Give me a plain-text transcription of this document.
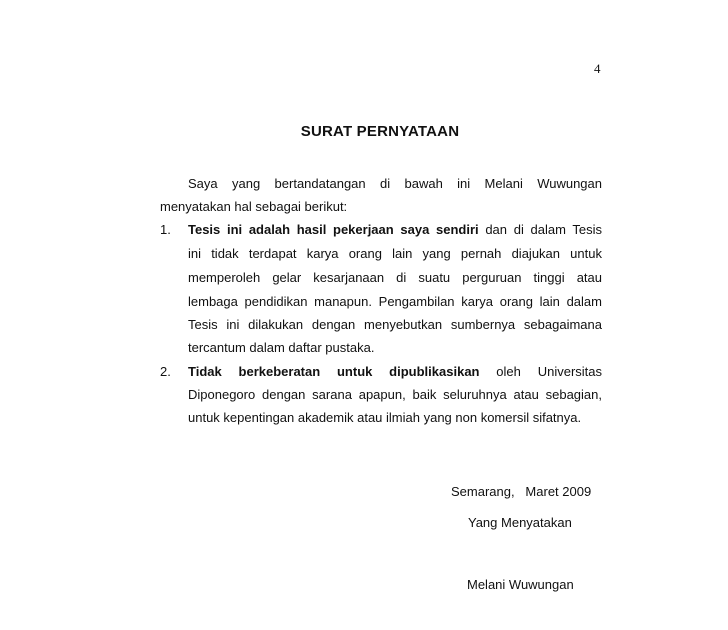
4
SURAT PERNYATAAN
Saya yang bertandatangan di bawah ini Melani Wuwungan
menyatakan hal sebagai berikut:
1. Tesis ini adalah hasil pekerjaan saya sendiri dan di dalam Tesis
ini tidak terdapat karya orang lain yang pernah diajukan untuk
memperoleh gelar kesarjanaan di suatu perguruan tinggi atau
lembaga pendidikan manapun. Pengambilan karya orang lain dalam
Tesis ini dilakukan dengan menyebutkan sumbernya sebagaimana
tercantum dalam daftar pustaka.
2. Tidak berkeberatan untuk dipublikasikan oleh Universitas
Diponegoro dengan sarana apapun, baik seluruhnya atau sebagian,
untuk kepentingan akademik atau ilmiah yang non komersil sifatnya.
Semarang,   Maret 2009
Yang Menyatakan
Melani Wuwungan
